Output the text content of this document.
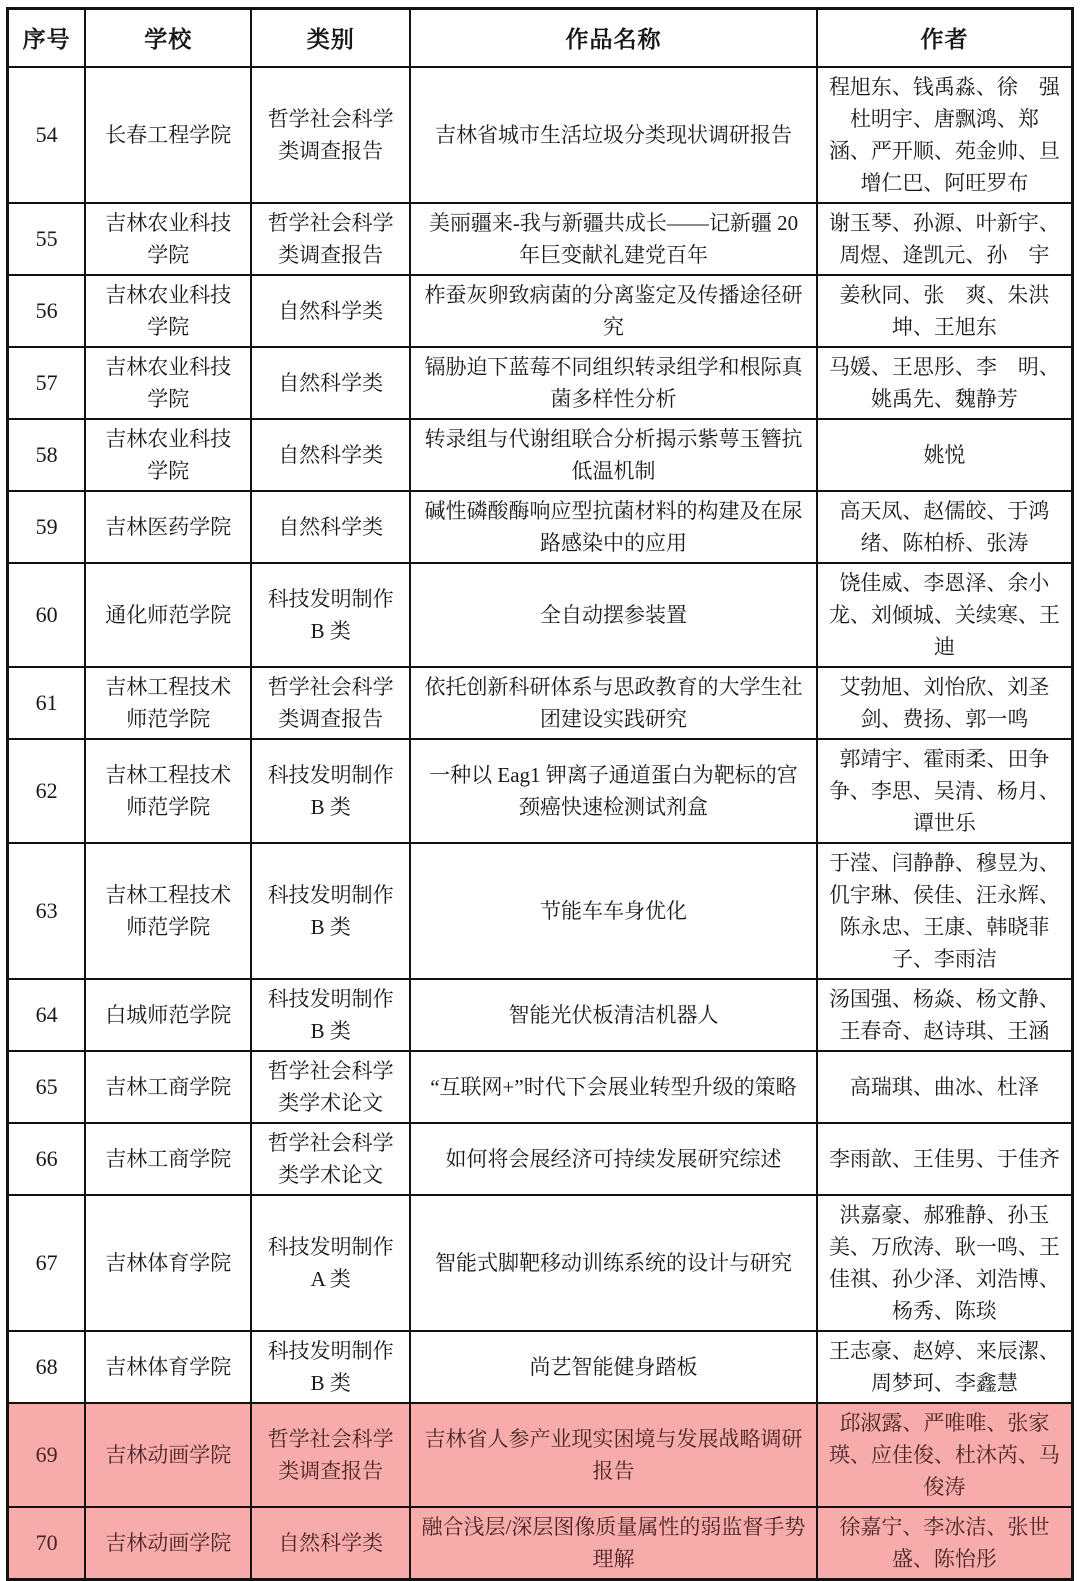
序号	学校	类别	作品名称	作者
54	长春工程学院	哲学社会科学类调查报告	吉林省城市生活垃圾分类现状调研报告	程旭东、钱禹淼、徐　强 杜明宇、唐飘鸿、郑　涵、严开顺、苑金帅、旦增仁巴、阿旺罗布
55	吉林农业科技学院	哲学社会科学类调查报告	美丽疆来-我与新疆共成长——记新疆 20 年巨变献礼建党百年	谢玉琴、孙源、叶新宇、周煜、逄凯元、孙　宇
56	吉林农业科技学院	自然科学类	柞蚕灰卵致病菌的分离鉴定及传播途径研究	姜秋同、张　爽、朱洪坤、王旭东
57	吉林农业科技学院	自然科学类	镉胁迫下蓝莓不同组织转录组学和根际真菌多样性分析	马媛、王思彤、李　明、姚禹先、魏静芳
58	吉林农业科技学院	自然科学类	转录组与代谢组联合分析揭示紫萼玉簪抗低温机制	姚悦
59	吉林医药学院	自然科学类	碱性磷酸酶响应型抗菌材料的构建及在尿路感染中的应用	高天凤、赵儒皎、于鸿绪、陈柏桥、张涛
60	通化师范学院	科技发明制作 B 类	全自动摆参装置	饶佳威、李恩泽、余小龙、刘倾城、关续寒、王迪
61	吉林工程技术师范学院	哲学社会科学类调查报告	依托创新科研体系与思政教育的大学生社团建设实践研究	艾勃旭、刘怡欣、刘圣剑、费扬、郭一鸣
62	吉林工程技术师范学院	科技发明制作 B 类	一种以 Eag1 钾离子通道蛋白为靶标的宫颈癌快速检测试剂盒	郭靖宇、霍雨柔、田争争、李思、吴清、杨月、谭世乐
63	吉林工程技术师范学院	科技发明制作 B 类	节能车车身优化	于滢、闫静静、穆昱为、仉宇琳、侯佳、汪永辉、陈永忠、王康、韩晓菲子、李雨洁
64	白城师范学院	科技发明制作 B 类	智能光伏板清洁机器人	汤国强、杨焱、杨文静、王春奇、赵诗琪、王涵
65	吉林工商学院	哲学社会科学类学术论文	“互联网+”时代下会展业转型升级的策略	高瑞琪、曲冰、杜泽
66	吉林工商学院	哲学社会科学类学术论文	如何将会展经济可持续发展研究综述	李雨歆、王佳男、于佳齐
67	吉林体育学院	科技发明制作 A 类	智能式脚靶移动训练系统的设计与研究	洪嘉豪、郝雅静、孙玉美、万欣涛、耿一鸣、王佳祺、孙少泽、刘浩博、杨秀、陈琰
68	吉林体育学院	科技发明制作 B 类	尚艺智能健身踏板	王志豪、赵婷、来辰潔、周梦珂、李鑫慧
69	吉林动画学院	哲学社会科学类调查报告	吉林省人参产业现实困境与发展战略调研报告	邱淑露、严唯唯、张家瑛、应佳俊、杜沐芮、马俊涛
70	吉林动画学院	自然科学类	融合浅层/深层图像质量属性的弱监督手势理解	徐嘉宁、李冰洁、张世盛、陈怡彤
